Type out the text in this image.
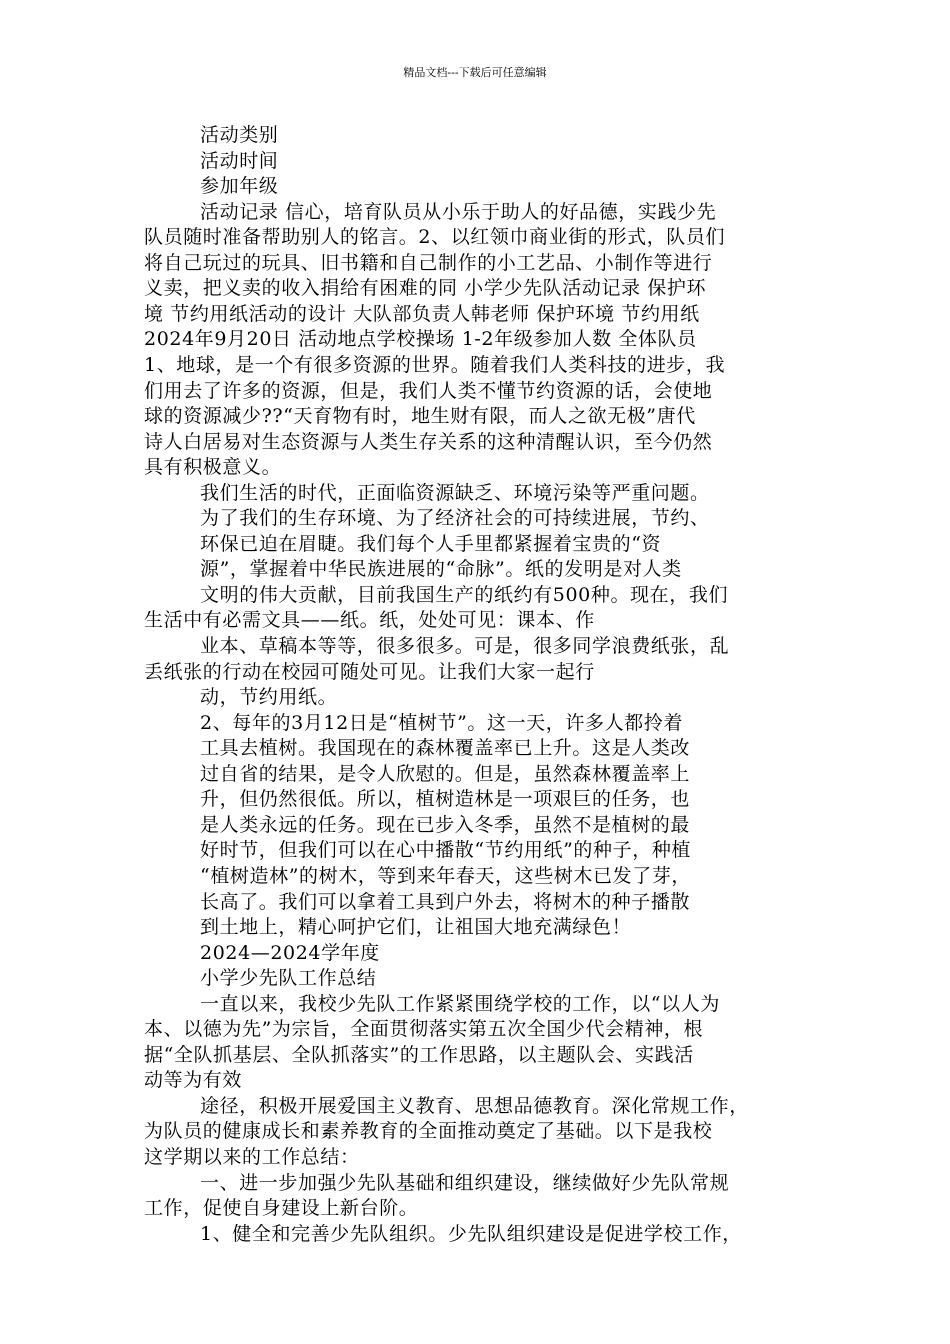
精品文档---下载后可任意编辑
活动类别
活动时间
参加年级
活动记录 信心，培育队员从小乐于助人的好品德，实践少先
队员随时准备帮助别人的铭言。2、以红领巾商业街的形式，队员们
将自己玩过的玩具、旧书籍和自己制作的小工艺品、小制作等进行
义卖，把义卖的收入捐给有困难的同 小学少先队活动记录 保护环
境 节约用纸活动的设计 大队部负责人韩老师 保护环境 节约用纸
2024年9月20日 活动地点学校操场 1-2年级参加人数 全体队员
1、地球，是一个有很多资源的世界。随着我们人类科技的进步，我
们用去了许多的资源，但是，我们人类不懂节约资源的话，会使地
球的资源减少??“天育物有时，地生财有限，而人之欲无极”唐代
诗人白居易对生态资源与人类生存关系的这种清醒认识，至今仍然
具有积极意义。
我们生活的时代，正面临资源缺乏、环境污染等严重问题。
为了我们的生存环境、为了经济社会的可持续进展，节约、
环保已迫在眉睫。我们每个人手里都紧握着宝贵的“资
源”，掌握着中华民族进展的“命脉”。纸的发明是对人类
文明的伟大贡献，目前我国生产的纸约有500种。现在，我们
生活中有必需文具——纸。纸，处处可见：课本、作
业本、草稿本等等，很多很多。可是，很多同学浪费纸张，乱
丢纸张的行动在校园可随处可见。让我们大家一起行
动，节约用纸。
2、每年的3月12日是“植树节”。这一天，许多人都拎着
工具去植树。我国现在的森林覆盖率已上升。这是人类改
过自省的结果，是令人欣慰的。但是，虽然森林覆盖率上
升，但仍然很低。所以，植树造林是一项艰巨的任务，也
是人类永远的任务。现在已步入冬季，虽然不是植树的最
好时节，但我们可以在心中播散“节约用纸”的种子，种植
“植树造林”的树木，等到来年春天，这些树木已发了芽，
长高了。我们可以拿着工具到户外去，将树木的种子播散
到土地上，精心呵护它们，让祖国大地充满绿色！
2024—2024学年度
小学少先队工作总结
一直以来，我校少先队工作紧紧围绕学校的工作，以“以人为
本、以德为先”为宗旨，全面贯彻落实第五次全国少代会精神，根
据“全队抓基层、全队抓落实”的工作思路，以主题队会、实践活
动等为有效
途径，积极开展爱国主义教育、思想品德教育。深化常规工作，
为队员的健康成长和素养教育的全面推动奠定了基础。以下是我校
这学期以来的工作总结：
一、进一步加强少先队基础和组织建设，继续做好少先队常规
工作，促使自身建设上新台阶。
1、健全和完善少先队组织。少先队组织建设是促进学校工作，
